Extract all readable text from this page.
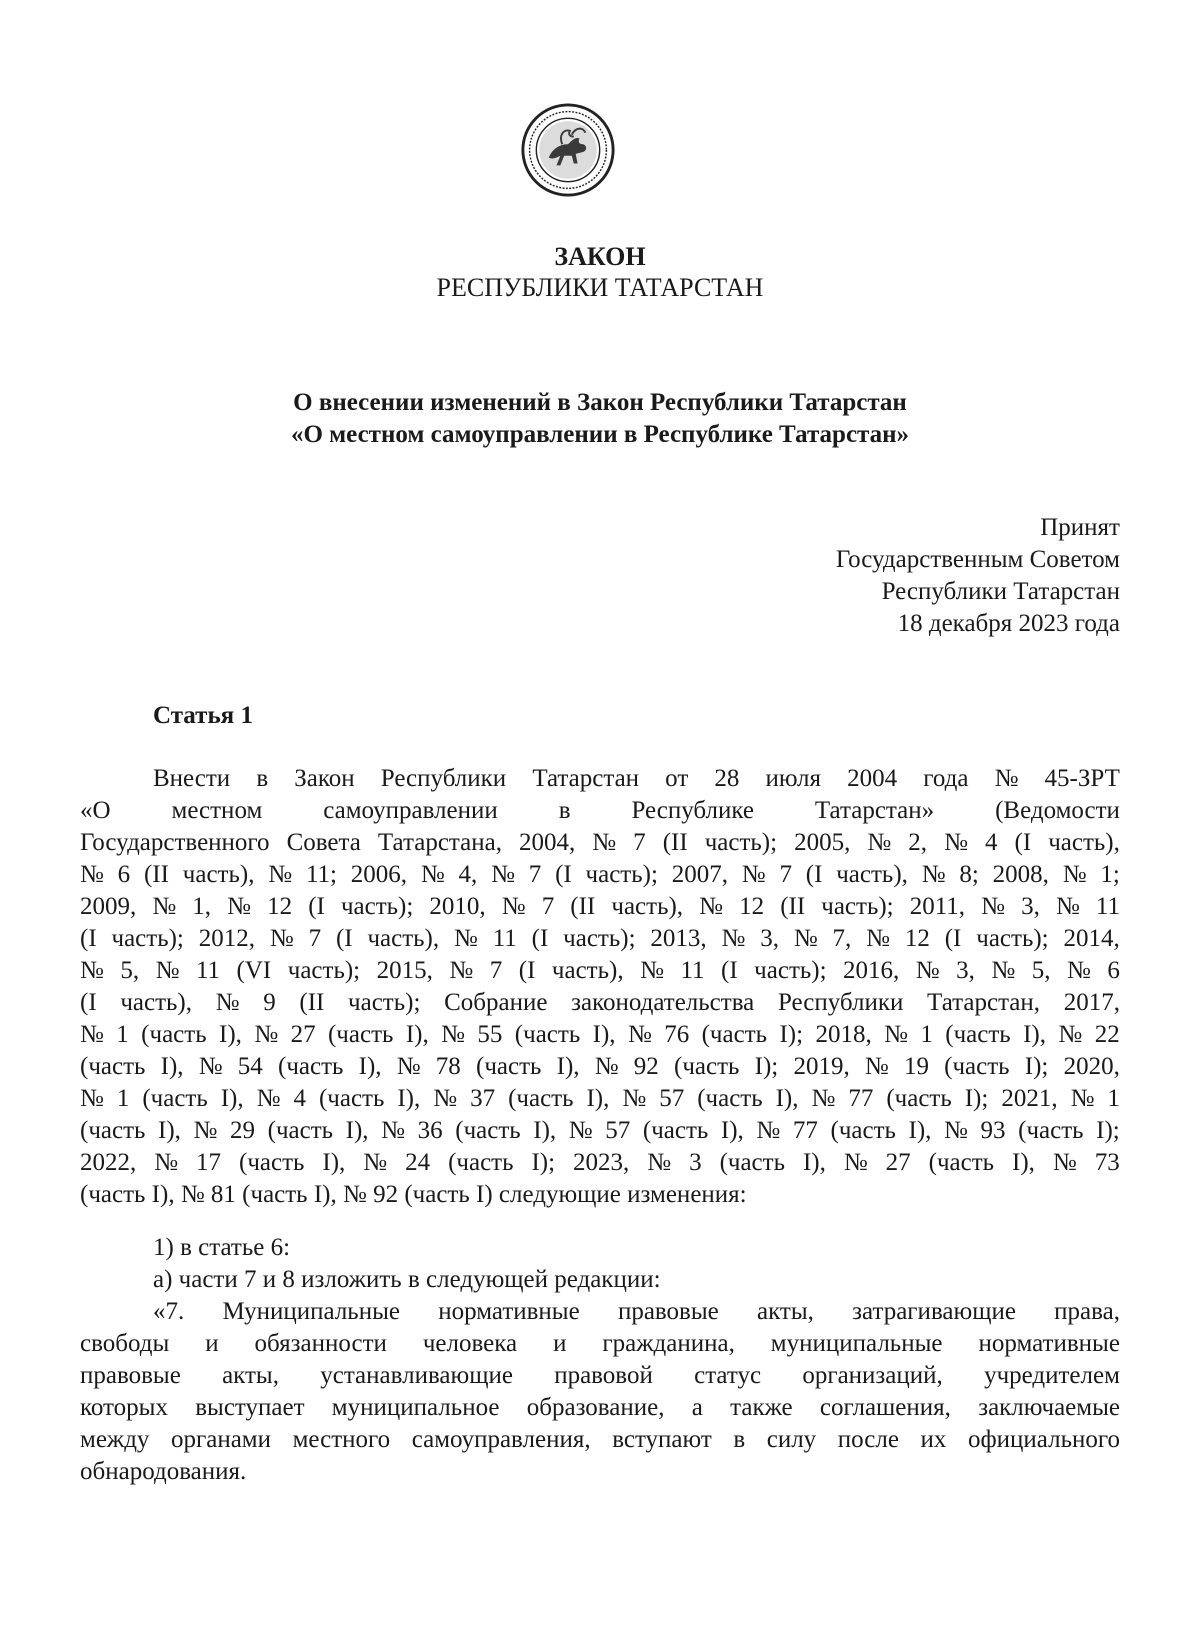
ЗАКОН
РЕСПУБЛИКИ ТАТАРСТАН
О внесении изменений в Закон Республики Татарстан
«О местном самоуправлении в Республике Татарстан»
Принят
Государственным Советом
Республики Татарстан
18 декабря 2023 года
Статья 1
Внести в Закон Республики Татарстан от 28 июля 2004 года № 45-ЗРТ
«О местном самоуправлении в Республике Татарстан» (Ведомости
Государственного Совета Татарстана, 2004, № 7 (II часть); 2005, № 2, № 4 (I часть),
№ 6 (II часть), № 11; 2006, № 4, № 7 (I часть); 2007, № 7 (I часть), № 8; 2008, № 1;
2009, № 1, № 12 (I часть); 2010, № 7 (II часть), № 12 (II часть); 2011, № 3, № 11
(I часть); 2012, № 7 (I часть), № 11 (I часть); 2013, № 3, № 7, № 12 (I часть); 2014,
№ 5, № 11 (VI часть); 2015, № 7 (I часть), № 11 (I часть); 2016, № 3, № 5, № 6
(I часть), № 9 (II часть); Собрание законодательства Республики Татарстан, 2017,
№ 1 (часть I), № 27 (часть I), № 55 (часть I), № 76 (часть I); 2018, № 1 (часть I), № 22
(часть I), № 54 (часть I), № 78 (часть I), № 92 (часть I); 2019, № 19 (часть I); 2020,
№ 1 (часть I), № 4 (часть I), № 37 (часть I), № 57 (часть I), № 77 (часть I); 2021, № 1
(часть I), № 29 (часть I), № 36 (часть I), № 57 (часть I), № 77 (часть I), № 93 (часть I);
2022, № 17 (часть I), № 24 (часть I); 2023, № 3 (часть I), № 27 (часть I), № 73
(часть I), № 81 (часть I), № 92 (часть I) следующие изменения:
1) в статье 6:
а) части 7 и 8 изложить в следующей редакции:
«7. Муниципальные нормативные правовые акты, затрагивающие права,
свободы и обязанности человека и гражданина, муниципальные нормативные
правовые акты, устанавливающие правовой статус организаций, учредителем
которых выступает муниципальное образование, а также соглашения, заключаемые
между органами местного самоуправления, вступают в силу после их официального
обнародования.
